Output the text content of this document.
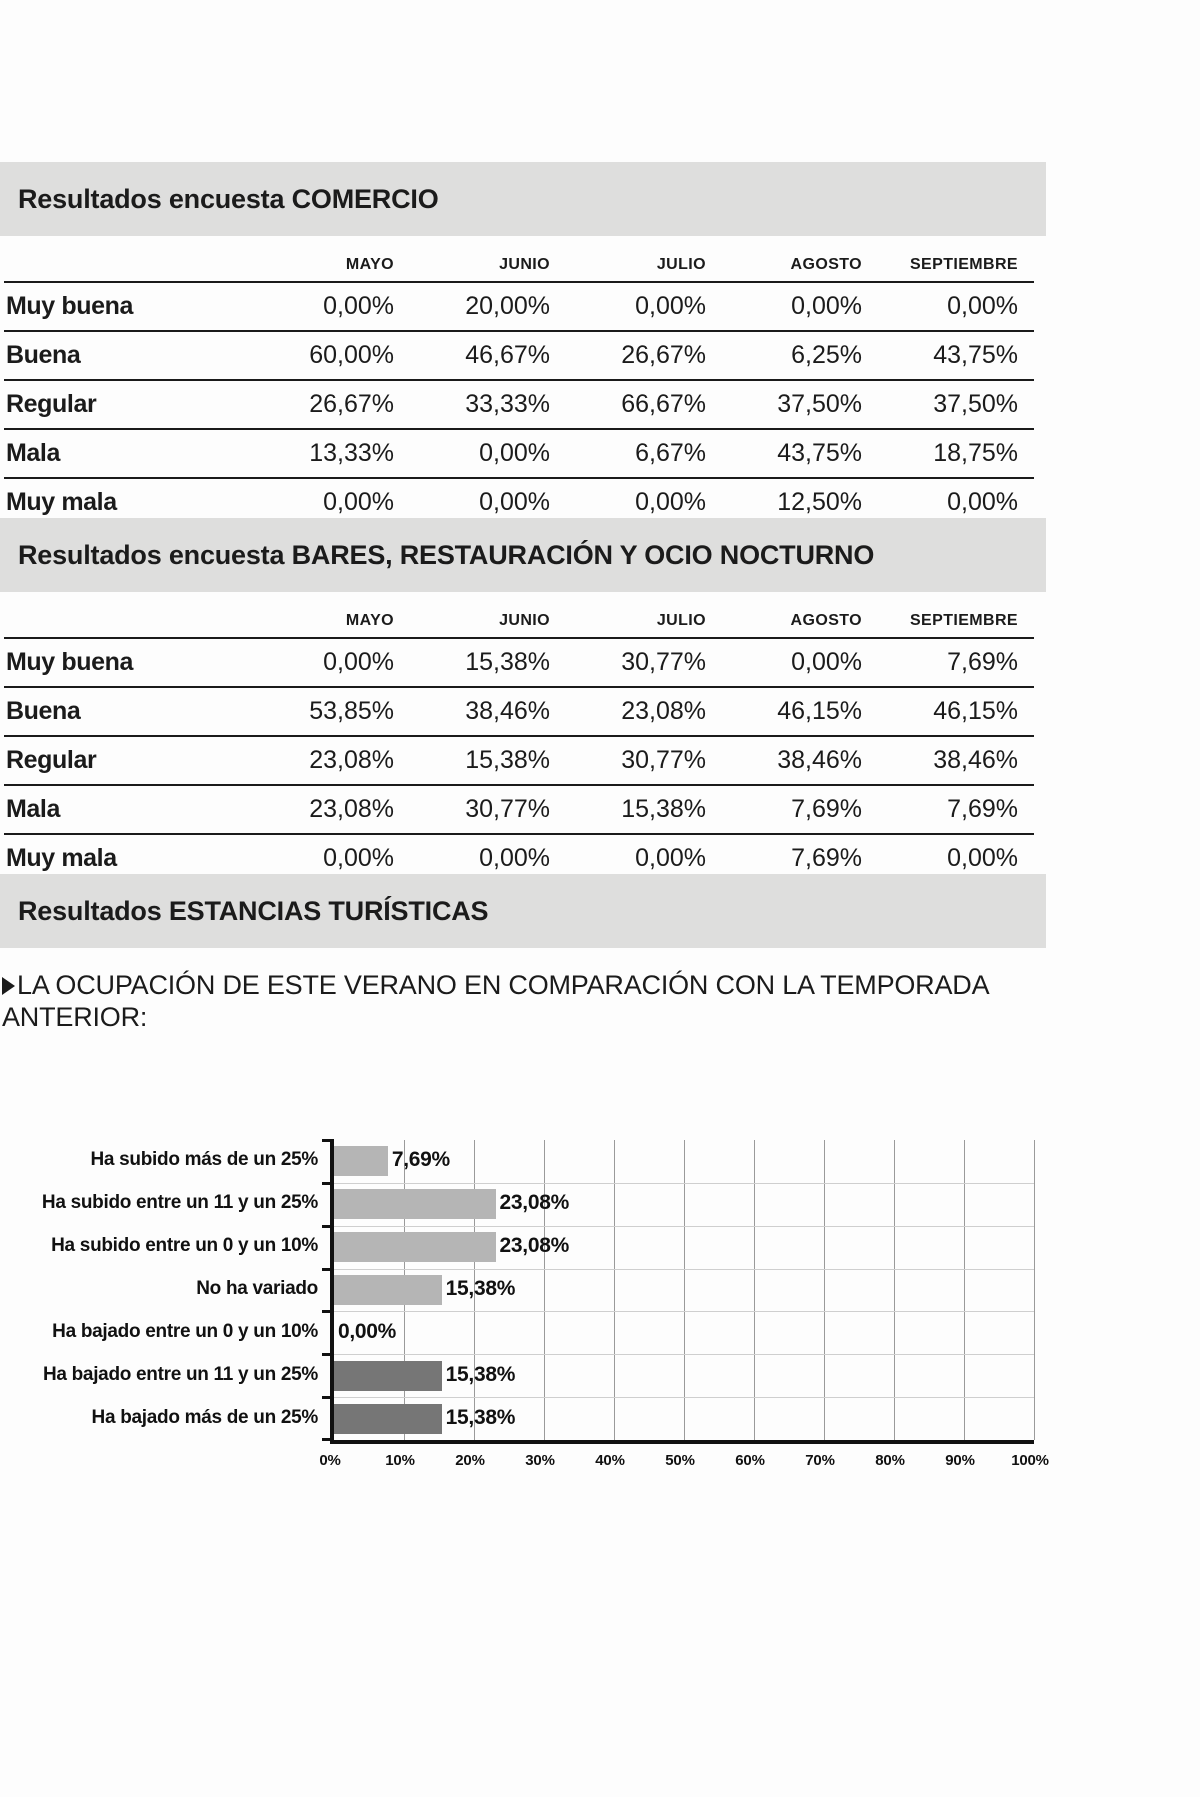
Resultados encuesta COMERCIO
	MAYO	JUNIO	JULIO	AGOSTO	SEPTIEMBRE
Muy buena	0,00%	20,00%	0,00%	0,00%	0,00%
Buena	60,00%	46,67%	26,67%	6,25%	43,75%
Regular	26,67%	33,33%	66,67%	37,50%	37,50%
Mala	13,33%	0,00%	6,67%	43,75%	18,75%
Muy mala	0,00%	0,00%	0,00%	12,50%	0,00%
Resultados encuesta BARES, RESTAURACIÓN Y OCIO NOCTURNO
	MAYO	JUNIO	JULIO	AGOSTO	SEPTIEMBRE
Muy buena	0,00%	15,38%	30,77%	0,00%	7,69%
Buena	53,85%	38,46%	23,08%	46,15%	46,15%
Regular	23,08%	15,38%	30,77%	38,46%	38,46%
Mala	23,08%	30,77%	15,38%	7,69%	7,69%
Muy mala	0,00%	0,00%	0,00%	7,69%	0,00%
Resultados ESTANCIAS TURÍSTICAS
LA OCUPACIÓN DE ESTE VERANO EN COMPARACIÓN CON LA TEMPORADA ANTERIOR:
0%	10%	20%	30%	40%	50%	60%	70%	80%	90%	100%
Ha subido más de un 25%	7,69%
Ha subido entre un 11 y un 25%	23,08%
Ha subido entre un 0 y un 10%	23,08%
No ha variado	15,38%
Ha bajado entre un 0 y un 10% 0,00%
Ha bajado entre un 11 y un 25%	15,38%
Ha bajado más de un 25%	15,38%
